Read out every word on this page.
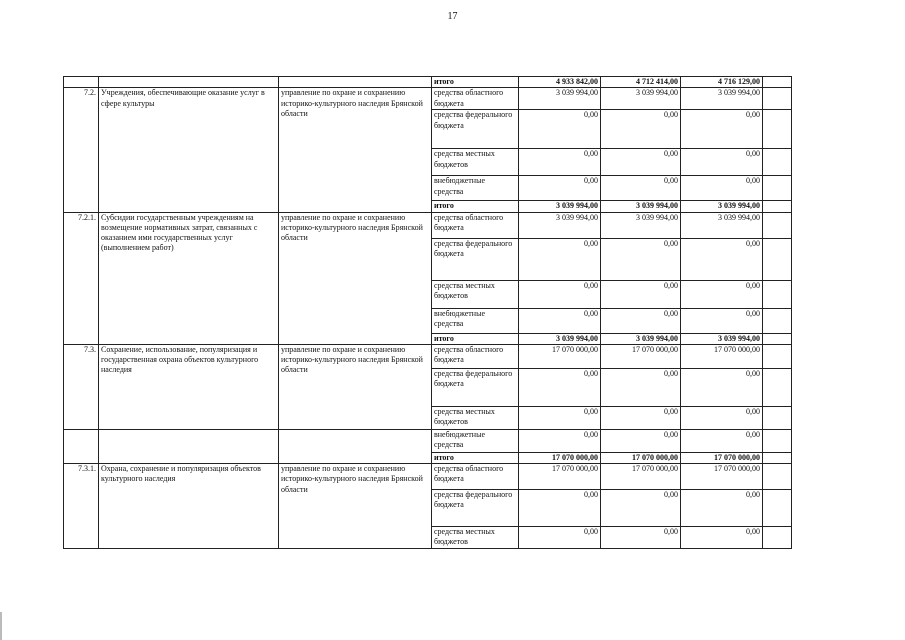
17
			итого	4 933 842,00	4 712 414,00	4 716 129,00	
7.2.	Учреждения, обеспечивающие оказание услуг в сфере культуры	управление по охране и сохранению историко-культурного наследия Брянской области	средства областного бюджета	3 039 994,00	3 039 994,00	3 039 994,00	
			средства федерального бюджета	0,00	0,00	0,00	
			средства местных бюджетов	0,00	0,00	0,00	
			внебюджетные средства	0,00	0,00	0,00	
			итого	3 039 994,00	3 039 994,00	3 039 994,00	
7.2.1.	Субсидии государственным учреждениям на возмещение нормативных затрат, связанных с оказанием ими государственных услуг (выполнением работ)	управление по охране и сохранению историко-культурного наследия Брянской области	средства областного бюджета	3 039 994,00	3 039 994,00	3 039 994,00	
			средства федерального бюджета	0,00	0,00	0,00	
			средства местных бюджетов	0,00	0,00	0,00	
			внебюджетные средства	0,00	0,00	0,00	
			итого	3 039 994,00	3 039 994,00	3 039 994,00	
7.3.	Сохранение, использование, популяризация и государственная охрана объектов культурного наследия	управление по охране и сохранению историко-культурного наследия Брянской области	средства областного бюджета	17 070 000,00	17 070 000,00	17 070 000,00	
			средства федерального бюджета	0,00	0,00	0,00	
			средства местных бюджетов	0,00	0,00	0,00	
			внебюджетные средства	0,00	0,00	0,00	
			итого	17 070 000,00	17 070 000,00	17 070 000,00	
7.3.1.	Охрана, сохранение и популяризация объектов культурного наследия	управление по охране и сохранению историко-культурного наследия Брянской области	средства областного бюджета	17 070 000,00	17 070 000,00	17 070 000,00	
			средства федерального бюджета	0,00	0,00	0,00	
			средства местных бюджетов	0,00	0,00	0,00	
